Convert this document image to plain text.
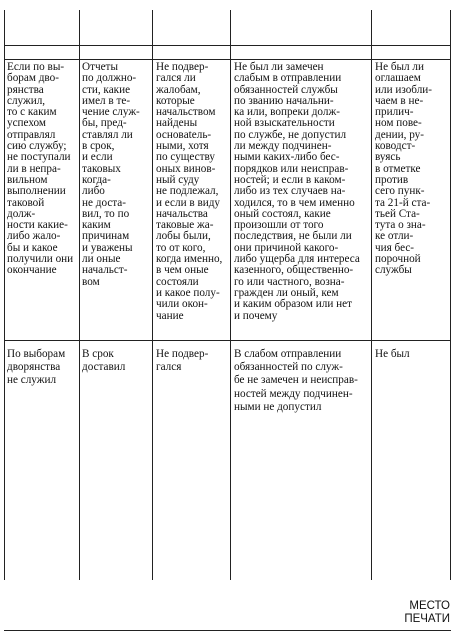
Если по вы-
борам дво-
рянства
служил,
то с каким
успехом
отправлял
сию службу;
не поступали
ли в непра-
вильном
выполнении
таковой
долж-
ности какие-
либо жало-
бы и какое
получили они
окончание
Отчеты
по должно-
сти, какие
имел в те-
чение служ-
бы, пред-
ставлял ли
в срок,
и если
таковых
когда-
либо
не доста-
вил, то по
каким
причинам
и уважены
ли оные
начальст-
вом
Не подвер-
гался ли
жалобам,
которые
начальством
найдены
основatель-
ными, хотя
по существу
оных винов-
ный суду
не подлежал,
и если в виду
начальства
таковые жа-
лобы были,
то от кого,
когда именно,
в чем оные
состояли
и какое полу-
чили окон-
чание
Не был ли замечен
слабым в отправлении
обязанностей службы
по званию начальни-
ка или, вопреки долж-
ной взыскательности
по службе, не допустил
ли между подчинен-
ными каких-либо бес-
порядков или неисправ-
ностей; и если в каком-
либо из тех случаев на-
ходился, то в чем именно
оный состоял, какие
произошли от того
последствия, не были ли
они причиной какого-
либо ущерба для интереса
казенного, общественно-
го или частного, возна-
гражден ли оный, кем
и каким образом или нет
и почему
Не был ли
оглашаем
или изобли-
чаем в не-
прилич-
ном пове-
дении, ру-
ководст-
вуясь
в отметке
против
сего пунк-
та 21-й ста-
тьей Ста-
тута о зна-
ке отли-
чия бес-
порочной
службы
По выборам
дворянства
не служил
В срок
доставил
Не подвер-
гался
В слабом отправлении
обязанностей по служ-
бе не замечен и неисправ-
ностей между подчинен-
ными не допустил
Не был
МЕСТО
ПЕЧАТИ
